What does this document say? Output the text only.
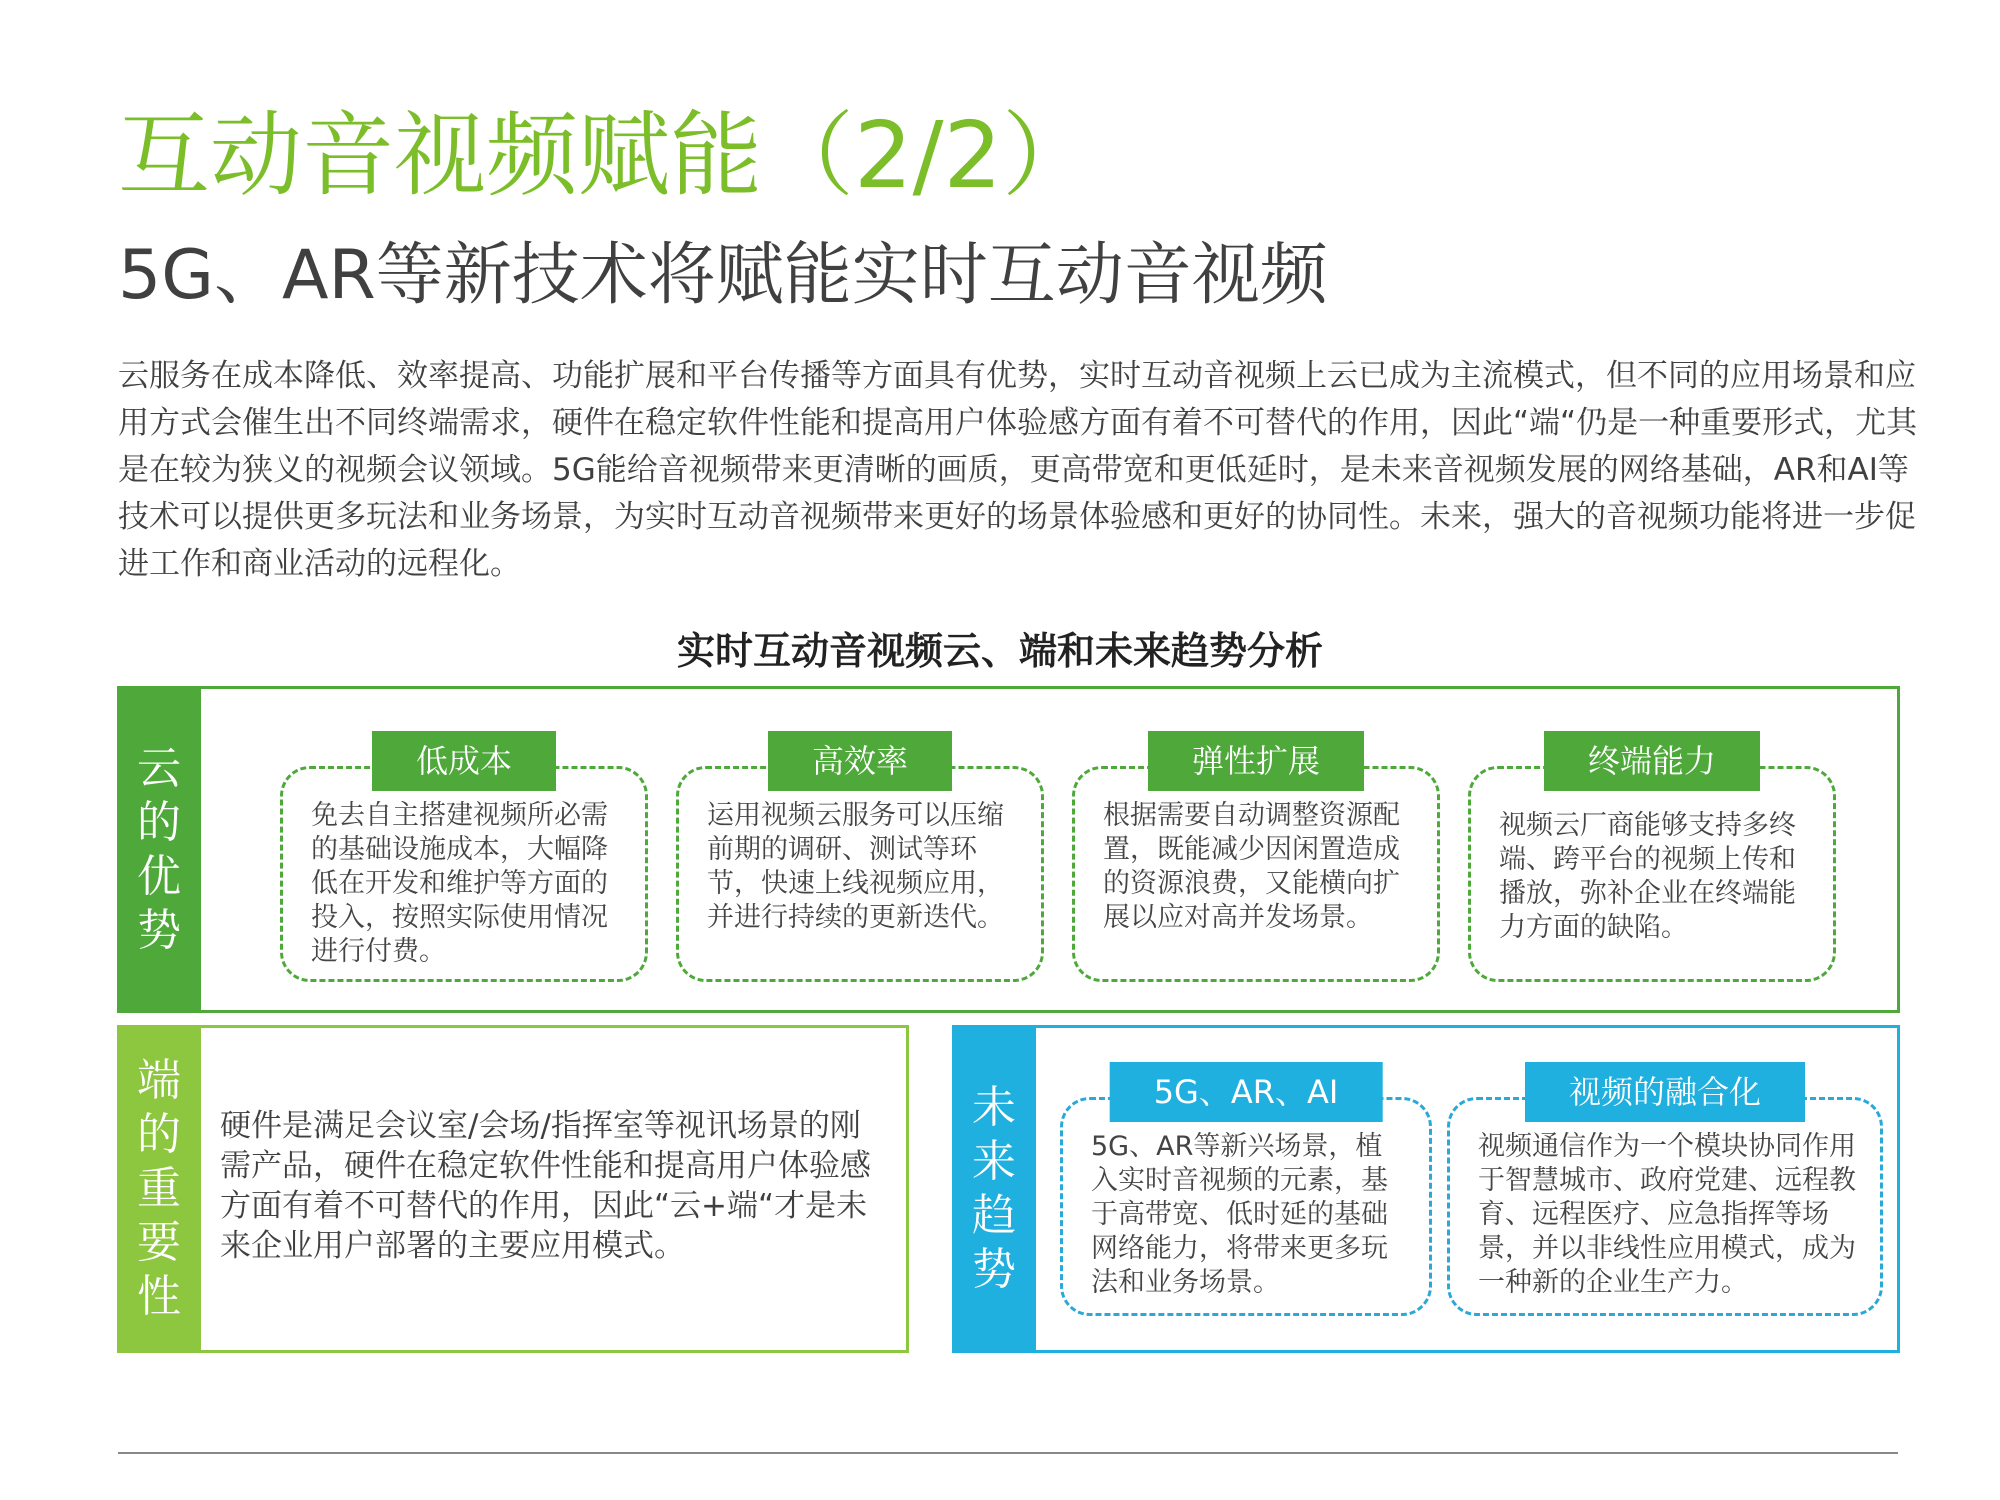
互动音视频赋能（2/2）
5G、AR等新技术将赋能实时互动音视频
云服务在成本降低、效率提高、功能扩展和平台传播等方面具有优势，实时互动音视频上云已成为主流模式，但不同的应用场景和应用方式会催生出不同终端需求，硬件在稳定软件性能和提高用户体验感方面有着不可替代的作用，因此“端“仍是一种重要形式，尤其是在较为狭义的视频会议领域。5G能给音视频带来更清晰的画质，更高带宽和更低延时，是未来音视频发展的网络基础，AR和AI等技术可以提供更多玩法和业务场景，为实时互动音视频带来更好的场景体验感和更好的协同性。未来，强大的音视频功能将进一步促进工作和商业活动的远程化。
实时互动音视频云、端和未来趋势分析
云
的
优
势
低成本
免去自主搭建视频所必需的基础设施成本，大幅降低在开发和维护等方面的投入，按照实际使用情况进行付费。
高效率
运用视频云服务可以压缩前期的调研、测试等环节，快速上线视频应用，并进行持续的更新迭代。
弹性扩展
根据需要自动调整资源配置，既能减少因闲置造成的资源浪费，又能横向扩展以应对高并发场景。
终端能力
视频云厂商能够支持多终端、跨平台的视频上传和播放，弥补企业在终端能力方面的缺陷。
端
的
重
要
性
硬件是满足会议室/会场/指挥室等视讯场景的刚需产品，硬件在稳定软件性能和提高用户体验感方面有着不可替代的作用，因此“云+端“才是未来企业用户部署的主要应用模式。
未
来
趋
势
5G、AR、AI
5G、AR等新兴场景，植入实时音视频的元素，基于高带宽、低时延的基础网络能力，将带来更多玩法和业务场景。
视频的融合化
视频通信作为一个模块协同作用于智慧城市、政府党建、远程教育、远程医疗、应急指挥等场景，并以非线性应用模式，成为一种新的企业生产力。
